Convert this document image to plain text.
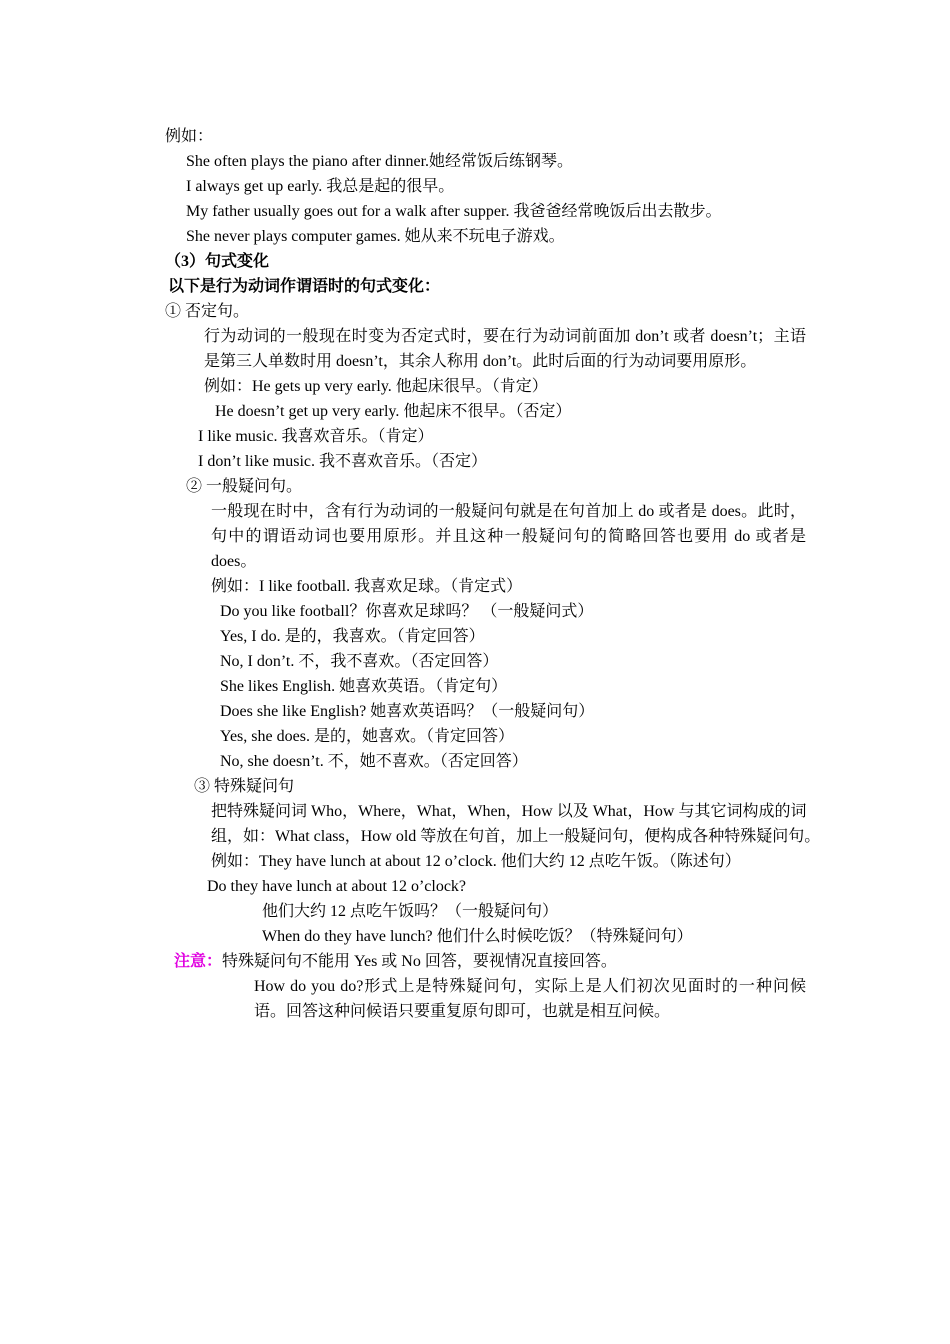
例如：
She often plays the piano after dinner.她经常饭后练钢琴。
I always get up early. 我总是起的很早。
My father usually goes out for a walk after supper. 我爸爸经常晚饭后出去散步。
She never plays computer games. 她从来不玩电子游戏。
（3）句式变化
以下是行为动词作谓语时的句式变化：
① 否定句。
行为动词的一般现在时变为否定式时，要在行为动词前面加 don’t 或者 doesn’t；主语
是第三人单数时用 doesn’t，其余人称用 don’t。此时后面的行为动词要用原形。
例如：He gets up very early. 他起床很早。（肯定）
He doesn’t get up very early. 他起床不很早。（否定）
I like music. 我喜欢音乐。（肯定）
I don’t like music. 我不喜欢音乐。（否定）
② 一般疑问句。
一般现在时中，含有行为动词的一般疑问句就是在句首加上 do 或者是 does。此时，
句中的谓语动词也要用原形。并且这种一般疑问句的简略回答也要用 do 或者是
does。
例如：I like football. 我喜欢足球。（肯定式）
Do you like football？你喜欢足球吗？ （一般疑问式）
Yes, I do. 是的，我喜欢。（肯定回答）
No, I don’t. 不，我不喜欢。（否定回答）
She likes English. 她喜欢英语。（肯定句）
Does she like English? 她喜欢英语吗？（一般疑问句）
Yes, she does. 是的，她喜欢。（肯定回答）
No, she doesn’t. 不，她不喜欢。（否定回答）
③ 特殊疑问句
把特殊疑问词 Who，Where，What，When，How 以及 What，How 与其它词构成的词
组，如：What class，How old 等放在句首，加上一般疑问句，便构成各种特殊疑问句。
例如：They have lunch at about 12 o’clock. 他们大约 12 点吃午饭。（陈述句）
Do they have lunch at about 12 o’clock?
他们大约 12 点吃午饭吗？（一般疑问句）
When do they have lunch? 他们什么时候吃饭？（特殊疑问句）
注意：特殊疑问句不能用 Yes 或 No 回答，要视情况直接回答。
How do you do?形式上是特殊疑问句，实际上是人们初次见面时的一种问候
语。回答这种问候语只要重复原句即可，也就是相互问候。
